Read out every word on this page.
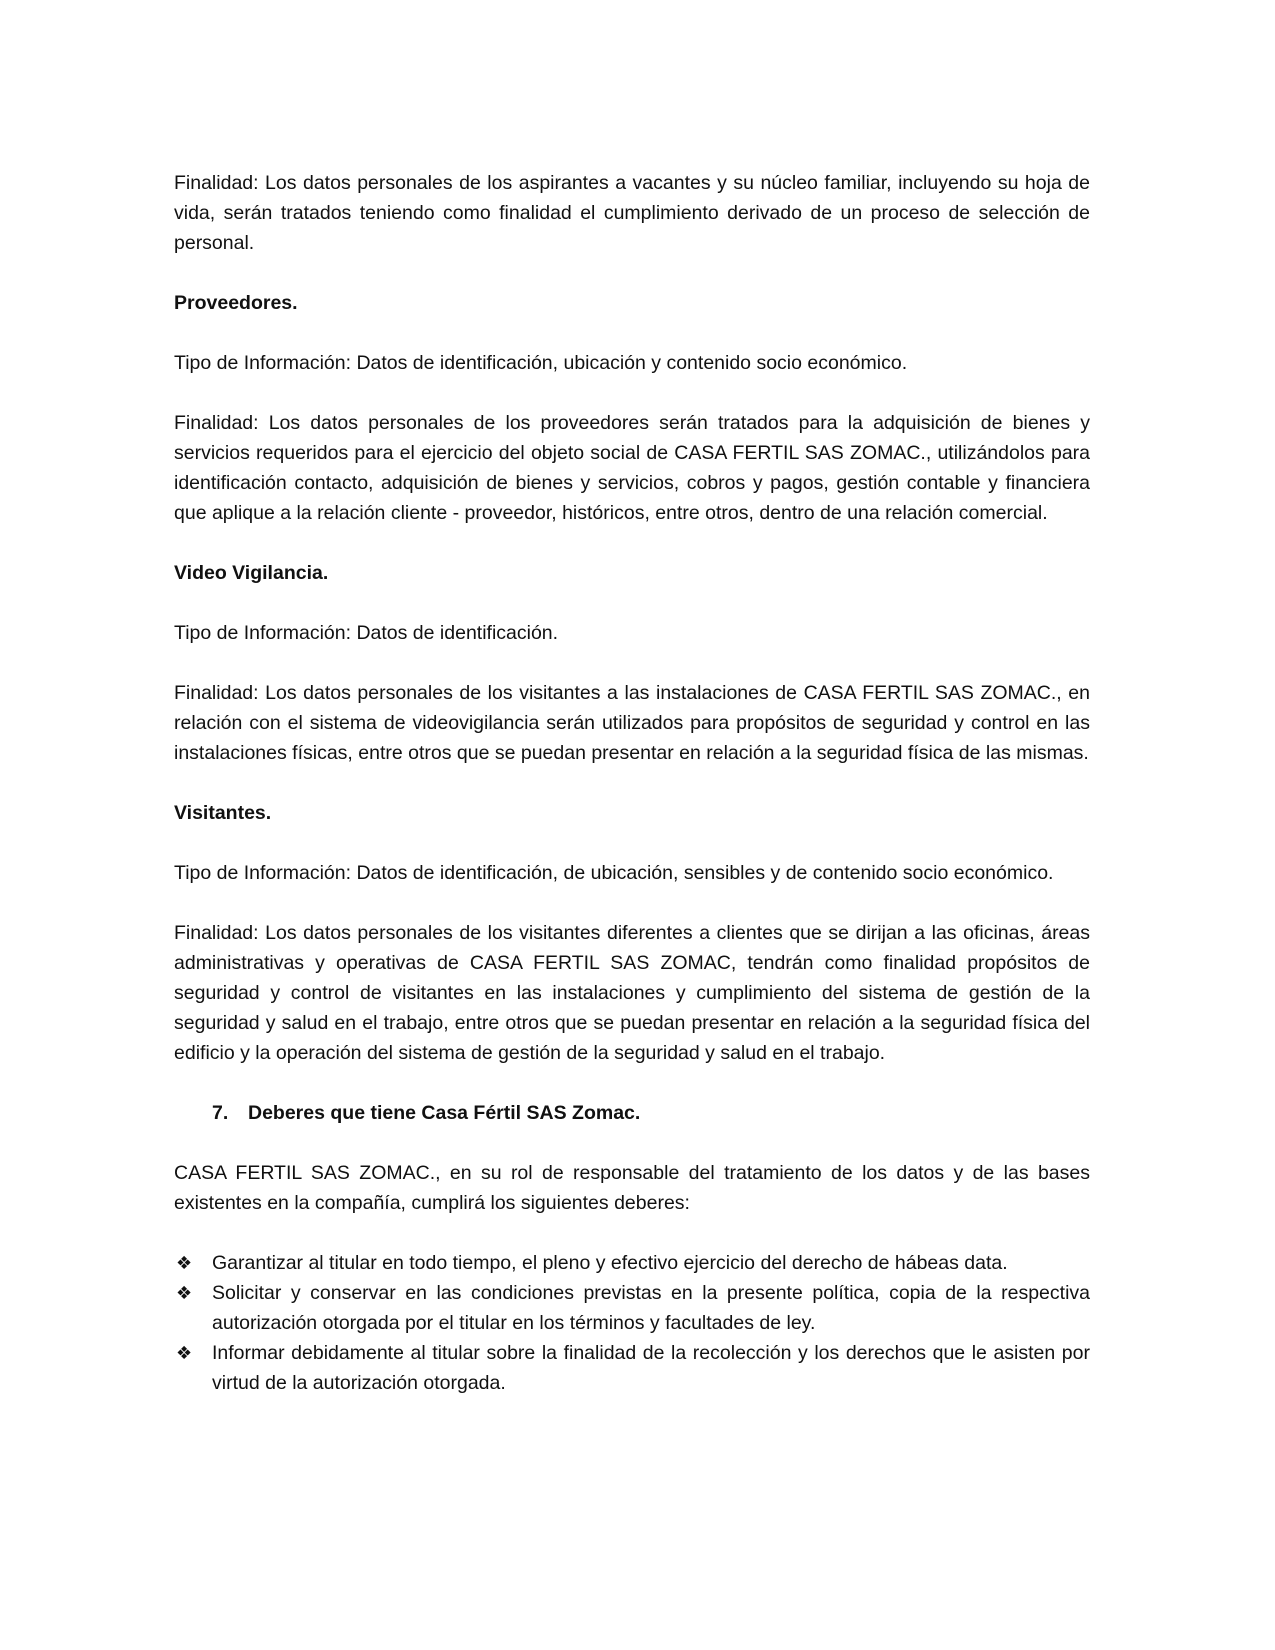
Finalidad: Los datos personales de los aspirantes a vacantes y su núcleo familiar, incluyendo su hoja de vida, serán tratados teniendo como finalidad el cumplimiento derivado de un proceso de selección de personal.

Proveedores.

Tipo de Información: Datos de identificación, ubicación y contenido socio económico.

Finalidad: Los datos personales de los proveedores serán tratados para la adquisición de bienes y servicios requeridos para el ejercicio del objeto social de CASA FERTIL SAS ZOMAC., utilizándolos para identificación contacto, adquisición de bienes y servicios, cobros y pagos, gestión contable y financiera que aplique a la relación cliente - proveedor, históricos, entre otros, dentro de una relación comercial.

Video Vigilancia.

Tipo de Información: Datos de identificación.

Finalidad: Los datos personales de los visitantes a las instalaciones de CASA FERTIL SAS ZOMAC., en relación con el sistema de videovigilancia serán utilizados para propósitos de seguridad y control en las instalaciones físicas, entre otros que se puedan presentar en relación a la seguridad física de las mismas.

Visitantes.

Tipo de Información: Datos de identificación, de ubicación, sensibles y de contenido socio económico.

Finalidad: Los datos personales de los visitantes diferentes a clientes que se dirijan a las oficinas, áreas administrativas y operativas de CASA FERTIL SAS ZOMAC, tendrán como finalidad propósitos de seguridad y control de visitantes en las instalaciones y cumplimiento del sistema de gestión de la seguridad y salud en el trabajo, entre otros que se puedan presentar en relación a la seguridad física del edificio y la operación del sistema de gestión de la seguridad y salud en el trabajo.

7. Deberes que tiene Casa Fértil SAS Zomac.

CASA FERTIL SAS ZOMAC., en su rol de responsable del tratamiento de los datos y de las bases existentes en la compañía, cumplirá los siguientes deberes:

❖ Garantizar al titular en todo tiempo, el pleno y efectivo ejercicio del derecho de hábeas data.
❖ Solicitar y conservar en las condiciones previstas en la presente política, copia de la respectiva autorización otorgada por el titular en los términos y facultades de ley.
❖ Informar debidamente al titular sobre la finalidad de la recolección y los derechos que le asisten por virtud de la autorización otorgada.
